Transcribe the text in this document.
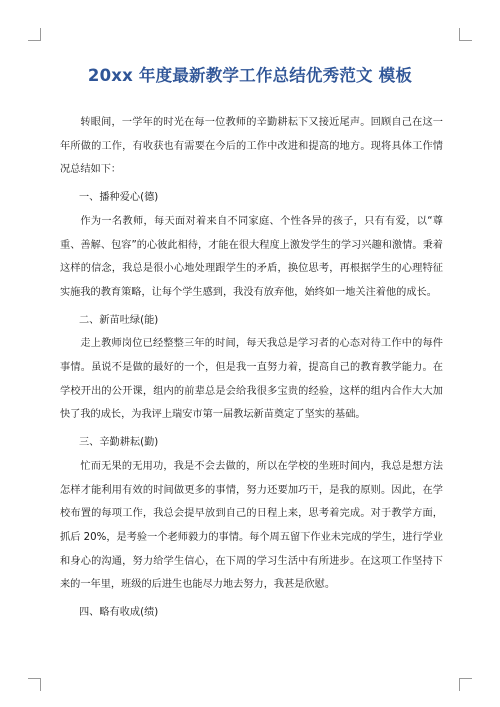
20xx 年度最新教学工作总结优秀范文 模板

转眼间，一学年的时光在每一位教师的辛勤耕耘下又接近尾声。回顾自己在这一年所做的工作，有收获也有需要在今后的工作中改进和提高的地方。现将具体工作情况总结如下：

一、播种爱心(德)

作为一名教师，每天面对着来自不同家庭、个性各异的孩子，只有有爱，以“尊重、善解、包容”的心彼此相待，才能在很大程度上激发学生的学习兴趣和激情。秉着这样的信念，我总是很小心地处理跟学生的矛盾，换位思考，再根据学生的心理特征实施我的教育策略，让每个学生感到，我没有放弃他，始终如一地关注着他的成长。

二、新苗吐绿(能)

走上教师岗位已经整整三年的时间，每天我总是学习者的心态对待工作中的每件事情。虽说不是做的最好的一个，但是我一直努力着，提高自己的教育教学能力。在学校开出的公开课，组内的前辈总是会给我很多宝贵的经验，这样的组内合作大大加快了我的成长，为我评上瑞安市第一届教坛新苗奠定了坚实的基础。

三、辛勤耕耘(勤)

忙而无果的无用功，我是不会去做的，所以在学校的坐班时间内，我总是想方法怎样才能利用有效的时间做更多的事情，努力还要加巧干，是我的原则。因此，在学校布置的每项工作，我总会提早放到自己的日程上来，思考着完成。对于教学方面，抓后 20%，是考验一个老师毅力的事情。每个周五留下作业未完成的学生，进行学业和身心的沟通，努力给学生信心，在下周的学习生活中有所进步。在这项工作坚持下来的一年里，班级的后进生也能尽力地去努力，我甚是欣慰。

四、略有收成(绩)
